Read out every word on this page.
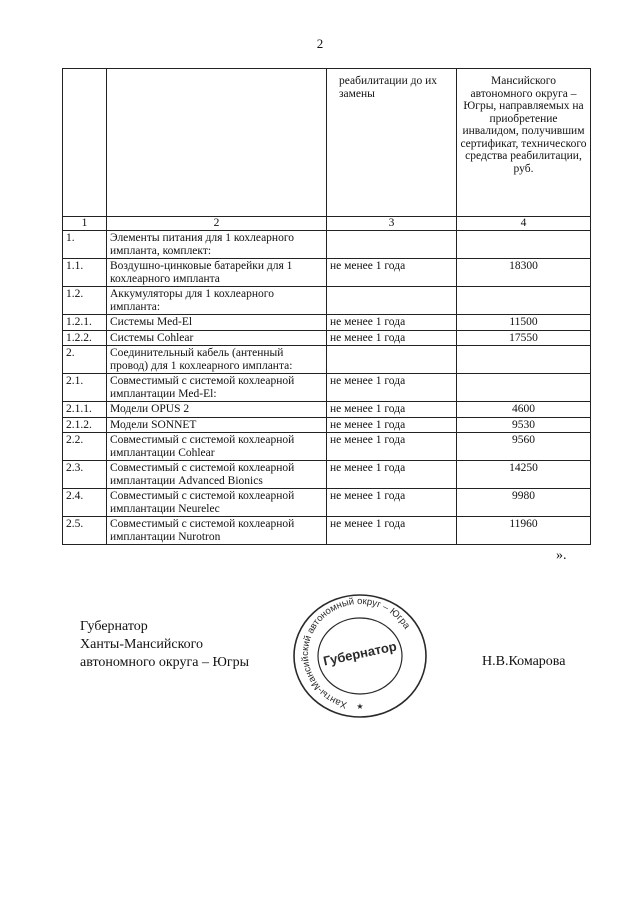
2
		реабилитации до их замены	Мансийского автономного округа – Югры, направляемых на приобретение инвалидом, получившим сертификат, технического средства реабилитации, руб.
1	2	3	4
1.	Элементы питания для 1 кохлеарного импланта, комплект:		
1.1.	Воздушно-цинковые батарейки для 1 кохлеарного импланта	не менее 1 года	18300
1.2.	Аккумуляторы для 1 кохлеарного импланта:		
1.2.1.	Системы Med-El	не менее 1 года	11500
1.2.2.	Системы Cohlear	не менее 1 года	17550
2.	Соединительный кабель (антенный провод) для 1 кохлеарного импланта:		
2.1.	Совместимый с системой кохлеарной имплантации Med-El:	не менее 1 года	
2.1.1.	Модели OPUS 2	не менее 1 года	4600
2.1.2.	Модели SONNET	не менее 1 года	9530
2.2.	Совместимый с системой кохлеарной имплантации Cohlear	не менее 1 года	9560
2.3.	Совместимый с системой кохлеарной имплантации Advanced Bionics	не менее 1 года	14250
2.4.	Совместимый с системой кохлеарной имплантации Neurelec	не менее 1 года	9980
2.5.	Совместимый с системой кохлеарной имплантации Nurotron	не менее 1 года	11960
».
Губернатор
Ханты-Мансийского
автономного округа – Югры	Н.В.Комарова
Ханты-Мансийский автономный округ – Югра
Губернатор
★
